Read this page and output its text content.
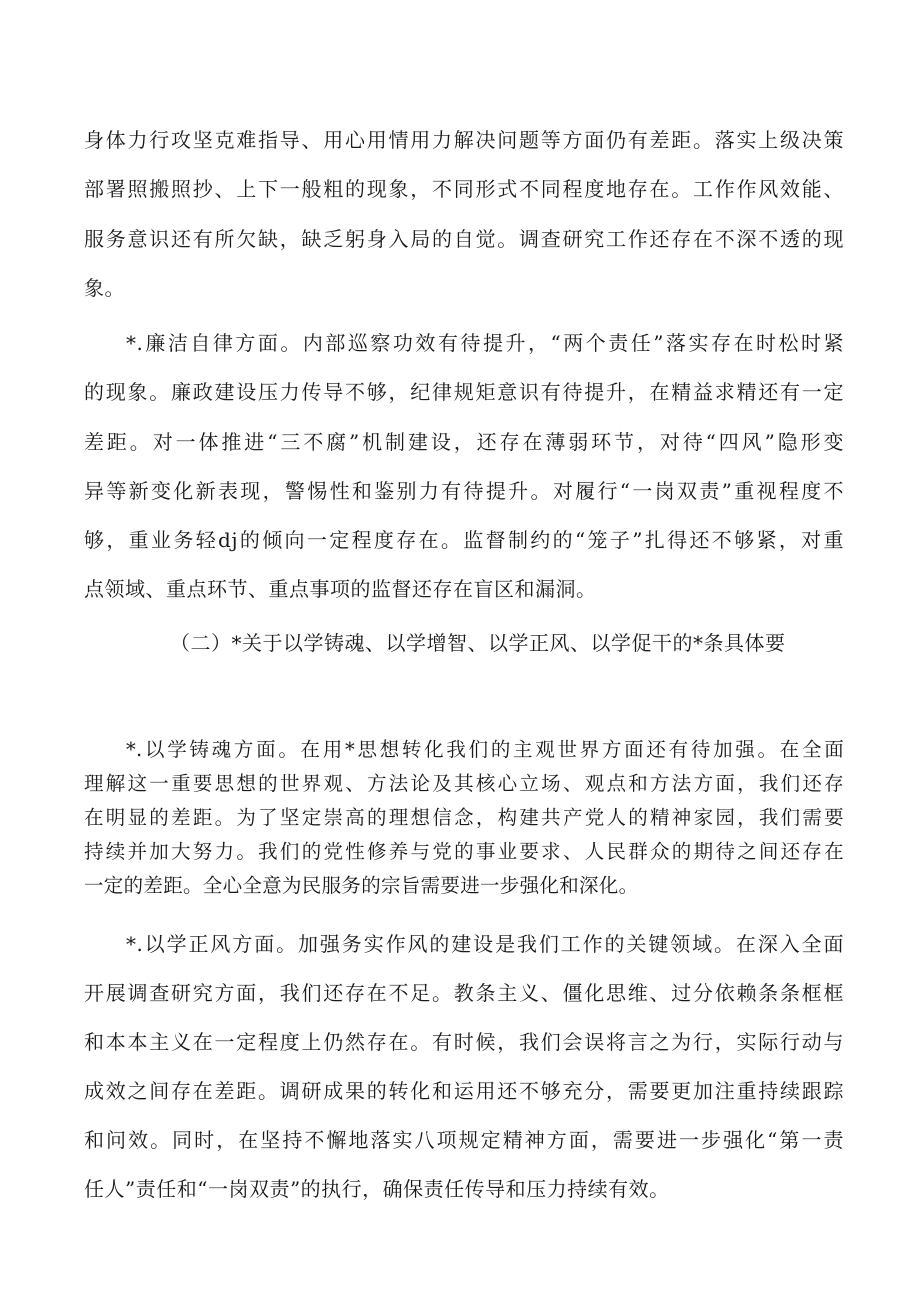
身体力行攻坚克难指导、用心用情用力解决问题等方面仍有差距。落实上级决策
部署照搬照抄、上下一般粗的现象，不同形式不同程度地存在。工作作风效能、
服务意识还有所欠缺，缺乏躬身入局的自觉。调查研究工作还存在不深不透的现
象。
*.廉洁自律方面。内部巡察功效有待提升，“两个责任”落实存在时松时紧
的现象。廉政建设压力传导不够，纪律规矩意识有待提升，在精益求精还有一定
差距。对一体推进“三不腐”机制建设，还存在薄弱环节，对待“四风”隐形变
异等新变化新表现，警惕性和鉴别力有待提升。对履行“一岗双责”重视程度不
够，重业务轻dj的倾向一定程度存在。监督制约的“笼子”扎得还不够紧，对重
点领域、重点环节、重点事项的监督还存在盲区和漏洞。
（二）*关于以学铸魂、以学增智、以学正风、以学促干的*条具体要
*.以学铸魂方面。在用*思想转化我们的主观世界方面还有待加强。在全面
理解这一重要思想的世界观、方法论及其核心立场、观点和方法方面，我们还存
在明显的差距。为了坚定崇高的理想信念，构建共产党人的精神家园，我们需要
持续并加大努力。我们的党性修养与党的事业要求、人民群众的期待之间还存在
一定的差距。全心全意为民服务的宗旨需要进一步强化和深化。
*.以学正风方面。加强务实作风的建设是我们工作的关键领域。在深入全面
开展调查研究方面，我们还存在不足。教条主义、僵化思维、过分依赖条条框框
和本本主义在一定程度上仍然存在。有时候，我们会误将言之为行，实际行动与
成效之间存在差距。调研成果的转化和运用还不够充分，需要更加注重持续跟踪
和问效。同时，在坚持不懈地落实八项规定精神方面，需要进一步强化“第一责
任人”责任和“一岗双责”的执行，确保责任传导和压力持续有效。
